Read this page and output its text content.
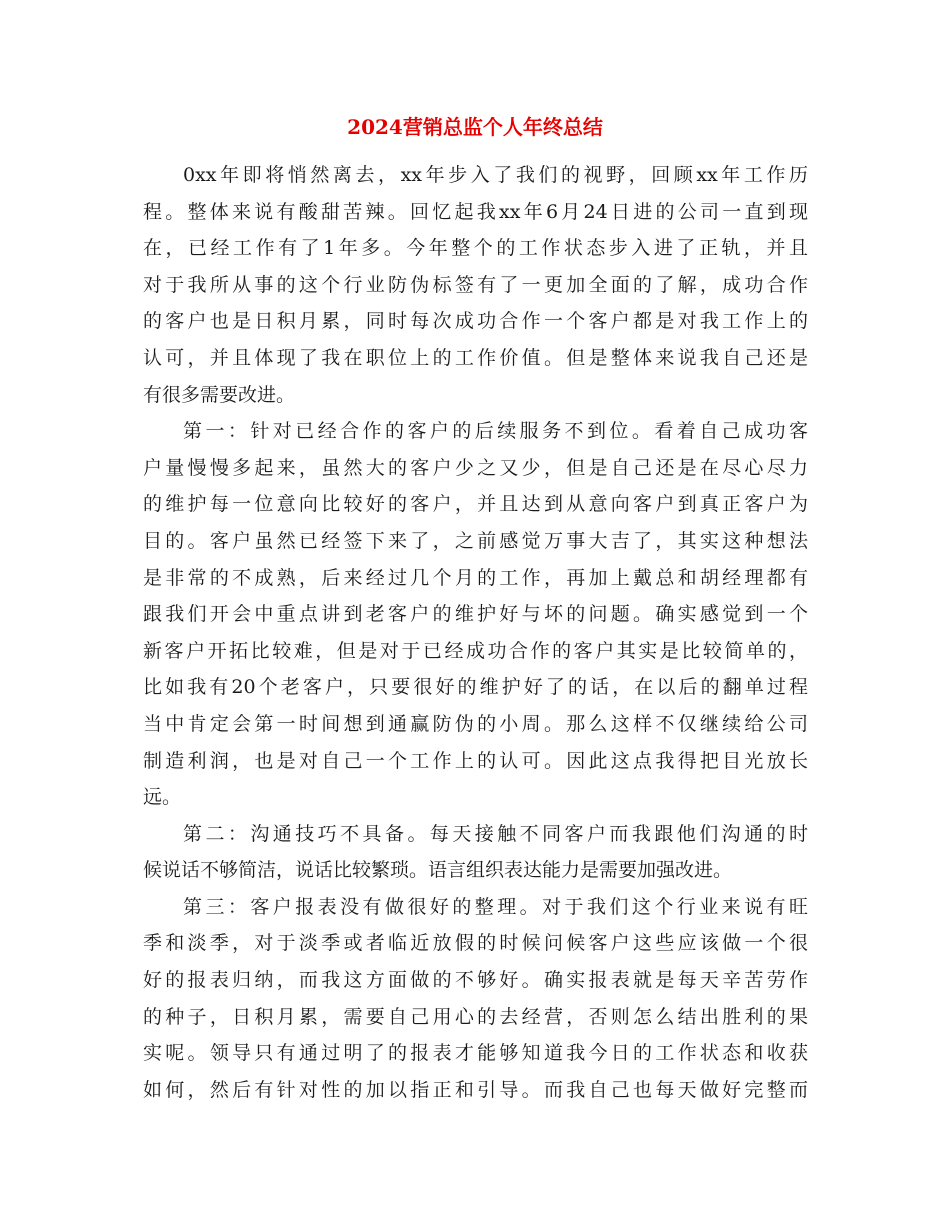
2024营销总监个人年终总结
0xx年即将悄然离去，xx年步入了我们的视野，回顾xx年工作历
程。整体来说有酸甜苦辣。回忆起我xx年6月24日进的公司一直到现
在，已经工作有了1年多。今年整个的工作状态步入进了正轨，并且
对于我所从事的这个行业防伪标签有了一更加全面的了解，成功合作
的客户也是日积月累，同时每次成功合作一个客户都是对我工作上的
认可，并且体现了我在职位上的工作价值。但是整体来说我自己还是
有很多需要改进。
第一：针对已经合作的客户的后续服务不到位。看着自己成功客
户量慢慢多起来，虽然大的客户少之又少，但是自己还是在尽心尽力
的维护每一位意向比较好的客户，并且达到从意向客户到真正客户为
目的。客户虽然已经签下来了，之前感觉万事大吉了，其实这种想法
是非常的不成熟，后来经过几个月的工作，再加上戴总和胡经理都有
跟我们开会中重点讲到老客户的维护好与坏的问题。确实感觉到一个
新客户开拓比较难，但是对于已经成功合作的客户其实是比较简单的，
比如我有20个老客户，只要很好的维护好了的话，在以后的翻单过程
当中肯定会第一时间想到通赢防伪的小周。那么这样不仅继续给公司
制造利润，也是对自己一个工作上的认可。因此这点我得把目光放长
远。
第二：沟通技巧不具备。每天接触不同客户而我跟他们沟通的时
候说话不够简洁，说话比较繁琐。语言组织表达能力是需要加强改进。
第三：客户报表没有做很好的整理。对于我们这个行业来说有旺
季和淡季，对于淡季或者临近放假的时候问候客户这些应该做一个很
好的报表归纳，而我这方面做的不够好。确实报表就是每天辛苦劳作
的种子，日积月累，需要自己用心的去经营，否则怎么结出胜利的果
实呢。领导只有通过明了的报表才能够知道我今日的工作状态和收获
如何，然后有针对性的加以指正和引导。而我自己也每天做好完整而
